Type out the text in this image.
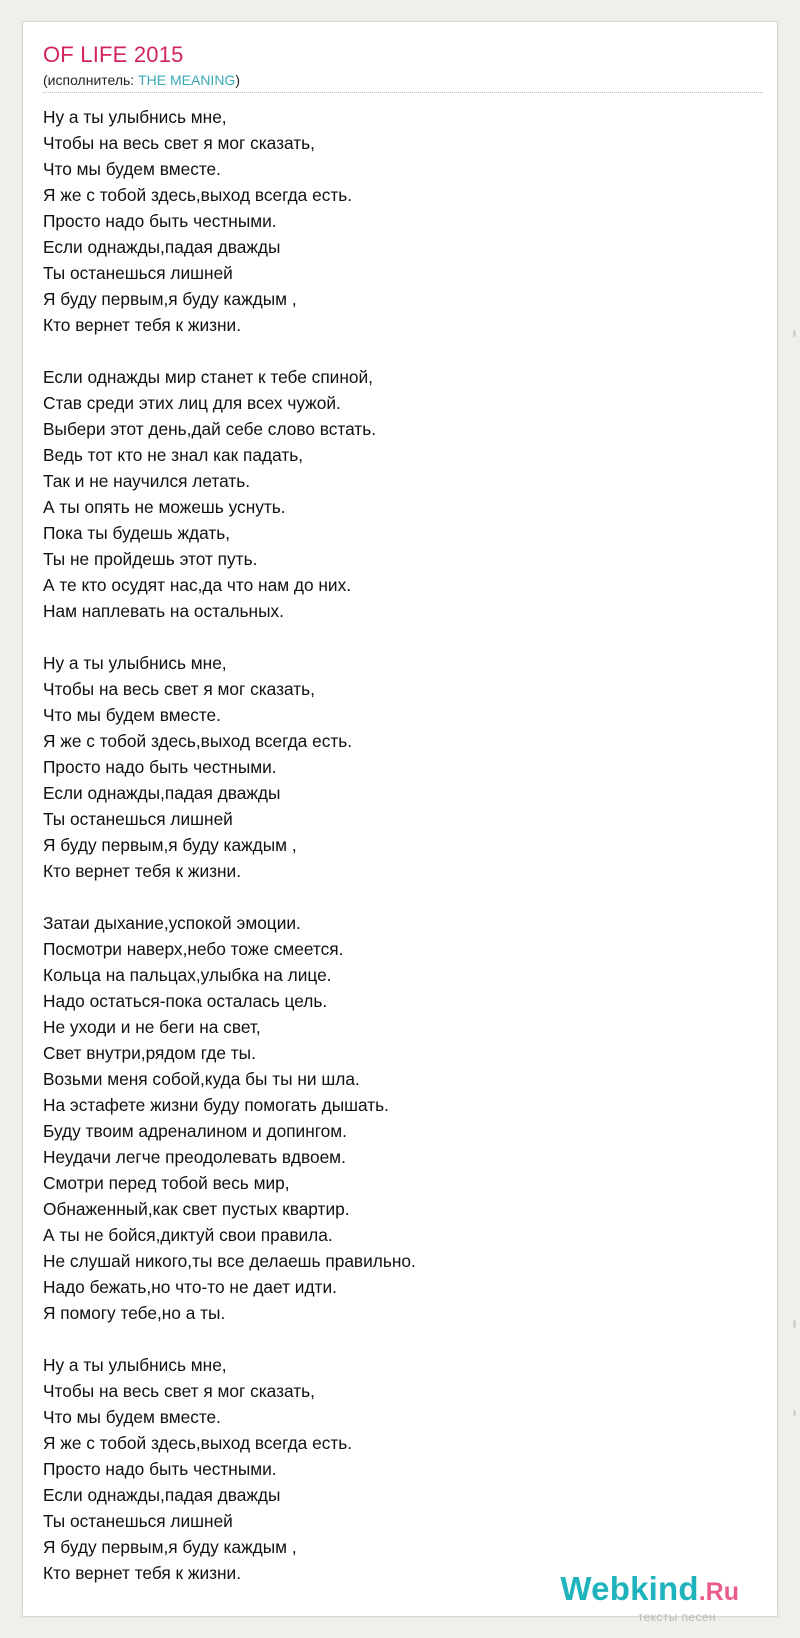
OF LIFE 2015
(исполнитель: THE MEANING)
Ну а ты улыбнись мне,
Чтобы на весь свет я мог сказать,
Что мы будем вместе.
Я же с тобой здесь,выход всегда есть.
Просто надо быть честными.
Если однажды,падая дважды
Ты останешься лишней
Я буду первым,я буду каждым ,
Кто вернет тебя к жизни.
Если однажды мир станет к тебе спиной,
Став среди этих лиц для всех чужой.
Выбери этот день,дай себе слово встать.
Ведь тот кто не знал как падать,
Так и не научился летать.
А ты опять не можешь уснуть.
Пока ты будешь ждать,
Ты не пройдешь этот путь.
А те кто осудят нас,да что нам до них.
Нам наплевать на остальных.
Ну а ты улыбнись мне,
Чтобы на весь свет я мог сказать,
Что мы будем вместе.
Я же с тобой здесь,выход всегда есть.
Просто надо быть честными.
Если однажды,падая дважды
Ты останешься лишней
Я буду первым,я буду каждым ,
Кто вернет тебя к жизни.
Затаи дыхание,успокой эмоции.
Посмотри наверх,небо тоже смеется.
Кольца на пальцах,улыбка на лице.
Надо остаться-пока осталась цель.
Не уходи и не беги на свет,
Свет внутри,рядом где ты.
Возьми меня собой,куда бы ты ни шла.
На эстафете жизни буду помогать дышать.
Буду твоим адреналином и допингом.
Неудачи легче преодолевать вдвоем.
Смотри перед тобой весь мир,
Обнаженный,как свет пустых квартир.
А ты не бойся,диктуй свои правила.
Не слушай никого,ты все делаешь правильно.
Надо бежать,но что-то не дает идти.
Я помогу тебе,но а ты.
Ну а ты улыбнись мне,
Чтобы на весь свет я мог сказать,
Что мы будем вместе.
Я же с тобой здесь,выход всегда есть.
Просто надо быть честными.
Если однажды,падая дважды
Ты останешься лишней
Я буду первым,я буду каждым ,
Кто вернет тебя к жизни.	Webkind.Ru
тексты песен
